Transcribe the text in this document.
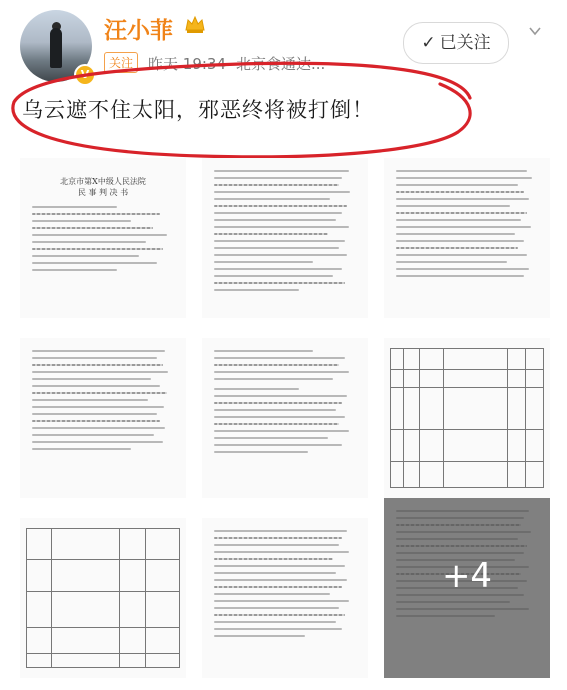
V
汪小菲
关注 昨天 19:34 北京食通达...
✓ 已关注
乌云遮不住太阳，邪恶终将被打倒！
北京市第X中级人民法院
民 事 判 决 书
+4
